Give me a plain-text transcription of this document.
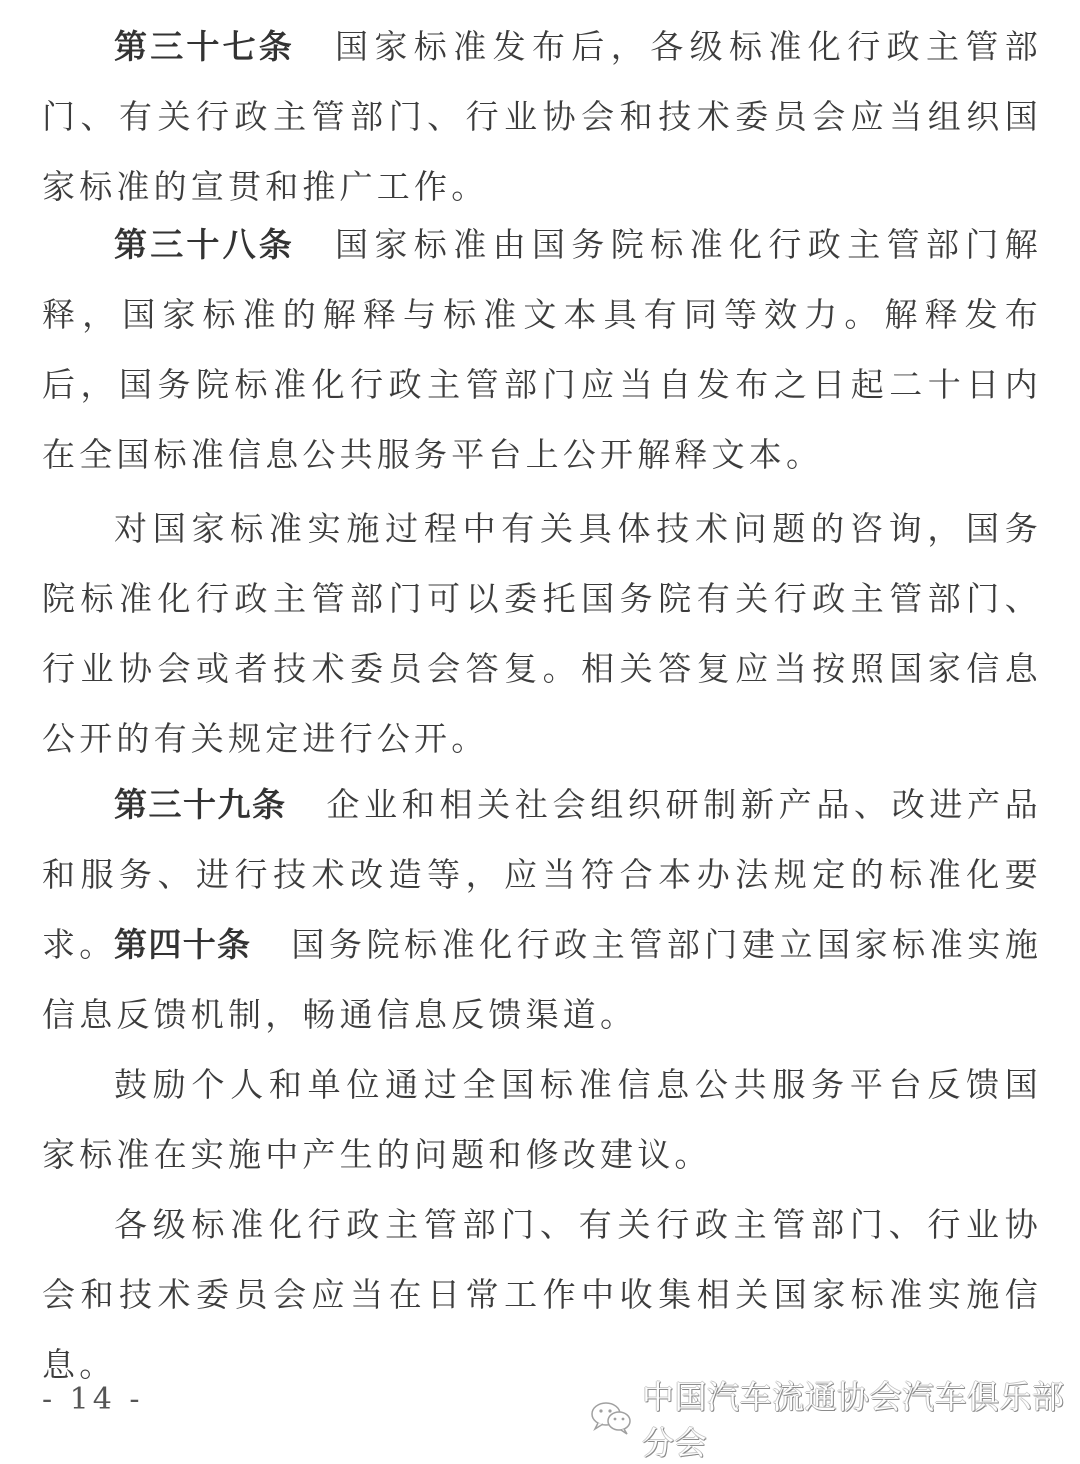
第三十七条 国家标准发布后，各级标准化行政主管部门、有关行政主管部门、行业协会和技术委员会应当组织国家标准的宣贯和推广工作。

第三十八条 国家标准由国务院标准化行政主管部门解释，国家标准的解释与标准文本具有同等效力。解释发布后，国务院标准化行政主管部门应当自发布之日起二十日内在全国标准信息公共服务平台上公开解释文本。

对国家标准实施过程中有关具体技术问题的咨询，国务院标准化行政主管部门可以委托国务院有关行政主管部门、行业协会或者技术委员会答复。相关答复应当按照国家信息公开的有关规定进行公开。

第三十九条 企业和相关社会组织研制新产品、改进产品和服务、进行技术改造等，应当符合本办法规定的标准化要求。

第四十条 国务院标准化行政主管部门建立国家标准实施信息反馈机制，畅通信息反馈渠道。

鼓励个人和单位通过全国标准信息公共服务平台反馈国家标准在实施中产生的问题和修改建议。

各级标准化行政主管部门、有关行政主管部门、行业协会和技术委员会应当在日常工作中收集相关国家标准实施信息。

- 14 -	中国汽车流通协会汽车俱乐部分会
